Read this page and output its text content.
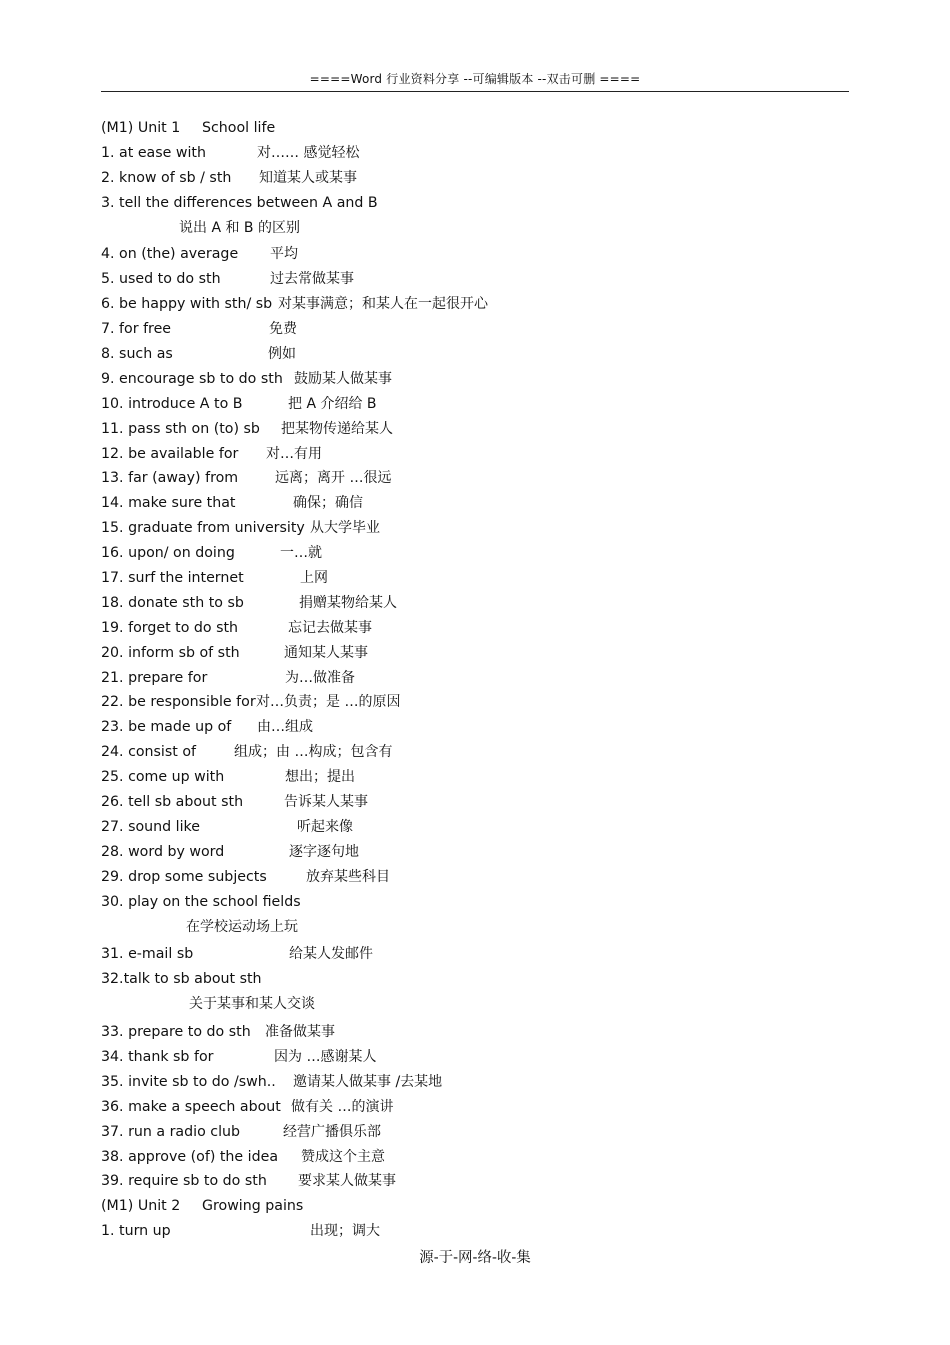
====Word 行业资料分享 --可编辑版本 --双击可删 ====
(M1) Unit 1 School life
1. at ease with	对…… 感觉轻松
2. know of sb / sth 知道某人或某事
3. tell the differences between A and B
说出 A 和 B 的区别
4. on (the) average 平均
5. used to do sth	过去常做某事
6. be happy with sth/ sb 对某事满意；和某人在一起很开心
7. for free	免费
8. such as	例如
9. encourage sb to do sth 鼓励某人做某事
10. introduce A to B	把 A 介绍给 B
11. pass sth on (to) sb 把某物传递给某人
12. be available for 对…有用
13. far (away) from	远离；离开 …很远
14. make sure that	确保；确信
15. graduate from university 从大学毕业
16. upon/ on doing	一…就
17. surf the internet	上网
18. donate sth to sb	捐赠某物给某人
19. forget to do sth	忘记去做某事
20. inform sb of sth	通知某人某事
21. prepare for	为…做准备
22. be responsible for 对…负责；是 …的原因
23. be made up of 由…组成
24. consist of	组成；由 …构成；包含有
25. come up with	想出；提出
26. tell sb about sth	告诉某人某事
27. sound like	听起来像
28. word by word	逐字逐句地
29. drop some subjects	放弃某些科目
30. play on the school fields
在学校运动场上玩
31. e-mail sb	给某人发邮件
32.talk to sb about sth
关于某事和某人交谈
33. prepare to do sth 准备做某事
34. thank sb for	因为 …感谢某人
35. invite sb to do /swh.. 邀请某人做某事 /去某地
36. make a speech about 做有关 …的演讲
37. run a radio club	经营广播俱乐部
38. approve (of) the idea 赞成这个主意
39. require sb to do sth 要求某人做某事
(M1) Unit 2 Growing pains
1. turn up	出现；调大
源-于-网-络-收-集
